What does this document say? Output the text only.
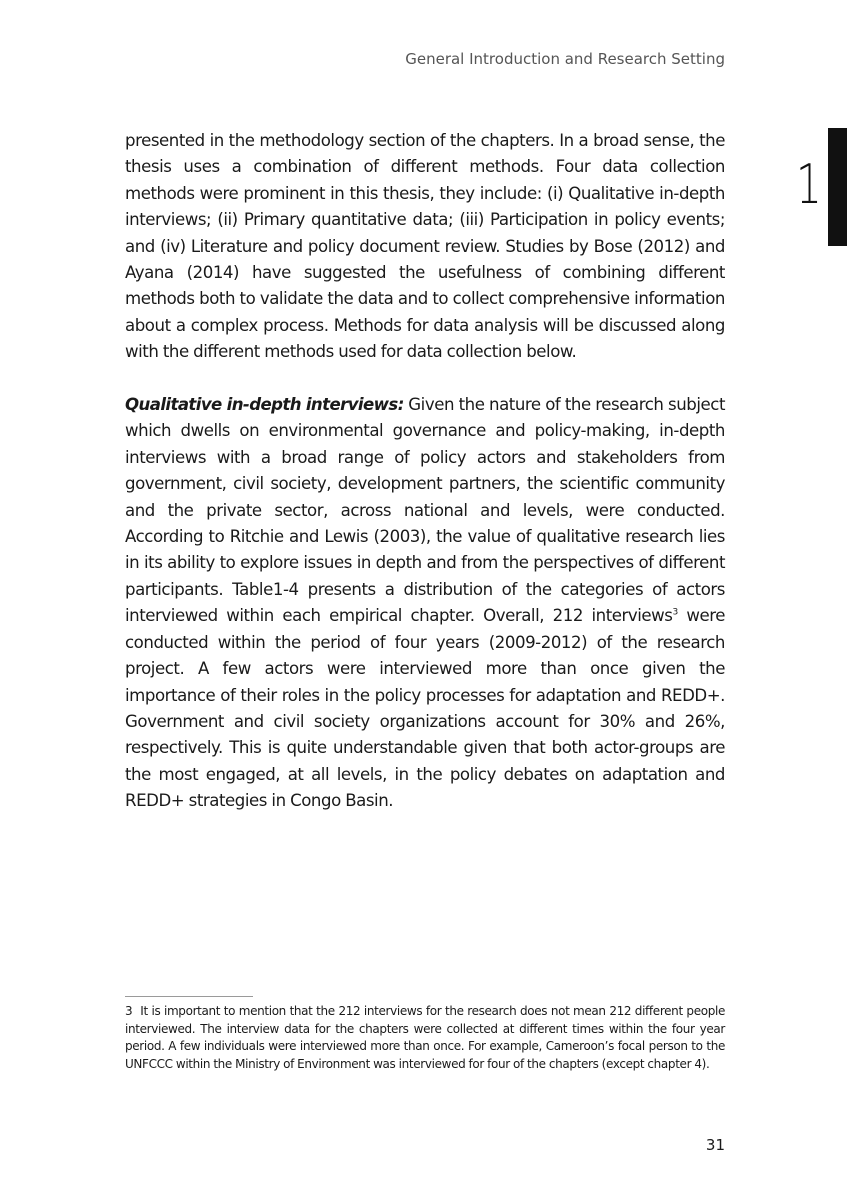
General Introduction and Research Setting
1

presented in the methodology section of the chapters. In a broad sense, the thesis uses a combination of different methods. Four data collection methods were prominent in this thesis, they include: (i) Qualitative in-depth interviews; (ii) Primary quantitative data; (iii) Participation in policy events; and (iv) Literature and policy document review. Studies by Bose (2012) and Ayana (2014) have suggested the usefulness of combining different methods both to validate the data and to collect comprehensive information about a complex process. Methods for data analysis will be discussed along with the different methods used for data collection below.

Qualitative in-depth interviews: Given the nature of the research subject which dwells on environmental governance and policy-making, in-depth interviews with a broad range of policy actors and stakeholders from government, civil society, development partners, the scientific community and the private sector, across national and levels, were conducted. According to Ritchie and Lewis (2003), the value of qualitative research lies in its ability to explore issues in depth and from the perspectives of different participants. Table1-4 presents a distribution of the categories of actors interviewed within each empirical chapter. Overall, 212 interviews$^3$ were conducted within the period of four years (2009-2012) of the research project. A few actors were interviewed more than once given the importance of their roles in the policy processes for adaptation and REDD+. Government and civil society organizations account for 30% and 26%, respectively. This is quite understandable given that both actor-groups are the most engaged, at all levels, in the policy debates on adaptation and REDD+ strategies in Congo Basin.

3 It is important to mention that the 212 interviews for the research does not mean 212 different people interviewed. The interview data for the chapters were collected at different times within the four year period. A few individuals were interviewed more than once. For example, Cameroon’s focal person to the UNFCCC within the Ministry of Environment was interviewed for four of the chapters (except chapter 4).

31
